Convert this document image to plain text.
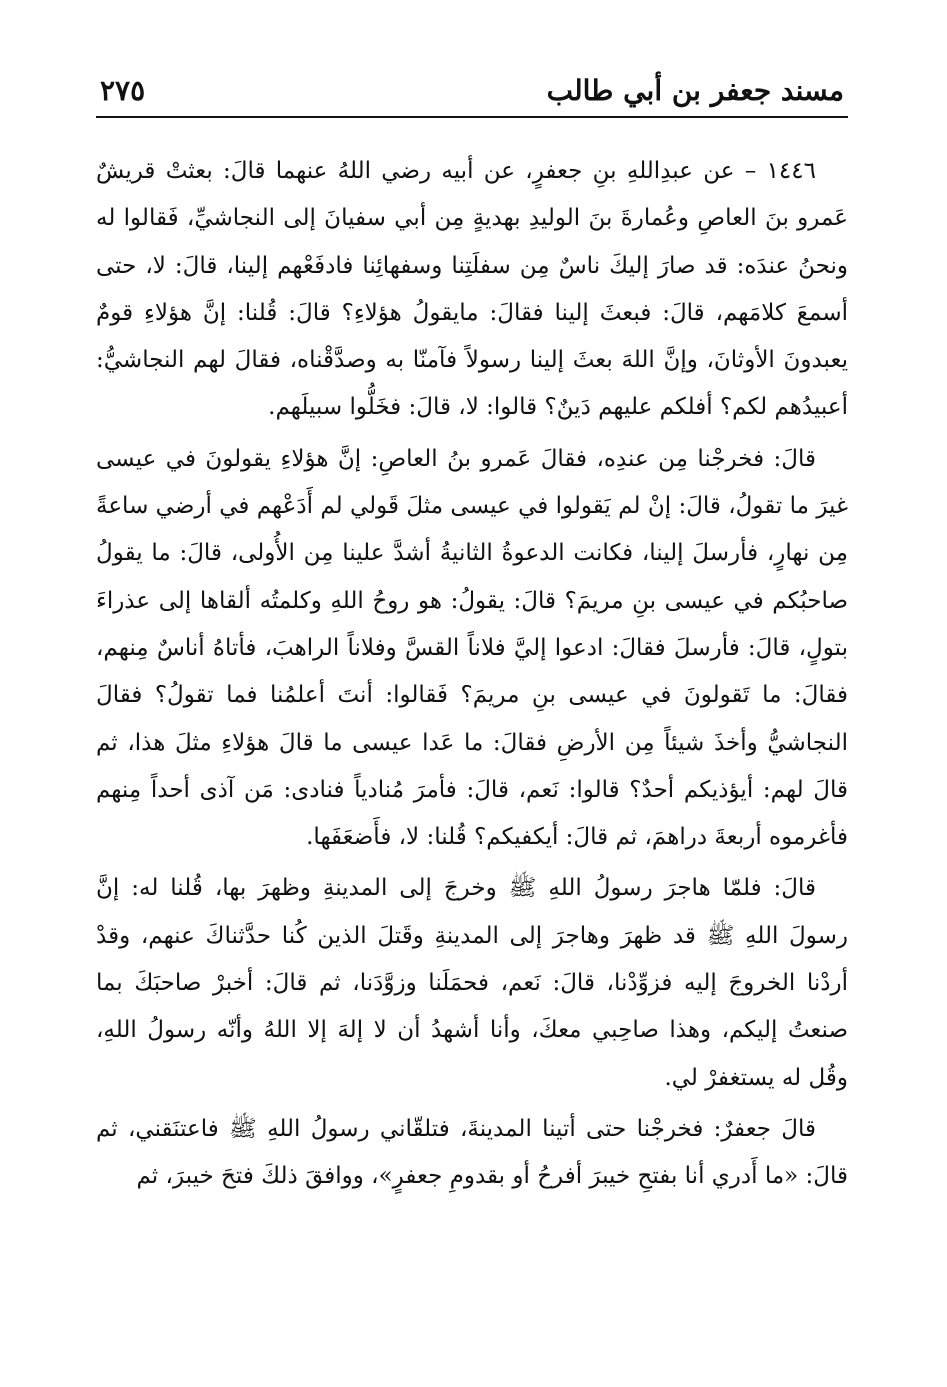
مسند جعفر بن أبي طالب
٢٧٥

١٤٤٦ – عن عبدِاللهِ بنِ جعفرٍ، عن أبيه رضي اللهُ عنهما قالَ: بعثتْ قريشٌ عَمرو بنَ العاصِ وعُمارةَ بنَ الوليدِ بهديةٍ مِن أبي سفيانَ إلى النجاشيِّ، فَقالوا له ونحنُ عندَه: قد صارَ إليكَ ناسٌ مِن سفلَتِنا وسفهائِنا فادفَعْهم إلينا، قالَ: لا، حتى أسمعَ كلامَهم، قالَ: فبعثَ إلينا فقالَ: مايقولُ هؤلاءِ؟ قالَ: قُلنا: إنَّ هؤلاءِ قومٌ يعبدونَ الأوثانَ، وإنَّ اللهَ بعثَ إلينا رسولاً فآمنّا به وصدَّقْناه، فقالَ لهم النجاشيُّ: أعبيدُهم لكم؟ أفلكم عليهم دَينٌ؟ قالوا: لا، قالَ: فخَلُّوا سبيلَهم.

قالَ: فخرجْنا مِن عندِه، فقالَ عَمرو بنُ العاصِ: إنَّ هؤلاءِ يقولونَ في عيسى غيرَ ما تقولُ، قالَ: إنْ لم يَقولوا في عيسى مثلَ قَولي لم أَدَعْهم في أرضي ساعةً مِن نهارٍ، فأرسلَ إلينا، فكانت الدعوةُ الثانيةُ أشدَّ علينا مِن الأُولى، قالَ: ما يقولُ صاحبُكم في عيسى بنِ مريمَ؟ قالَ: يقولُ: هو روحُ اللهِ وكلمتُه ألقاها إلى عذراءَ بتولٍ، قالَ: فأرسلَ فقالَ: ادعوا إليَّ فلاناً القسَّ وفلاناً الراهبَ، فأتاهُ أناسٌ مِنهم، فقالَ: ما تَقولونَ في عيسى بنِ مريمَ؟ فَقالوا: أنتَ أعلمُنا فما تقولُ؟ فقالَ النجاشيُّ وأخذَ شيئاً مِن الأرضِ فقالَ: ما عَدا عيسى ما قالَ هؤلاءِ مثلَ هذا، ثم قالَ لهم: أيؤذيكم أحدٌ؟ قالوا: نَعم، قالَ: فأمرَ مُنادياً فنادى: مَن آذى أحداً مِنهم فأغرموه أربعةَ دراهمَ، ثم قالَ: أيكفيكم؟ قُلنا: لا، فأَضعَفَها.

قالَ: فلمّا هاجرَ رسولُ اللهِ ﷺ وخرجَ إلى المدينةِ وظهرَ بها، قُلنا له: إنَّ رسولَ اللهِ ﷺ قد ظهرَ وهاجرَ إلى المدينةِ وقَتلَ الذين كُنا حدَّثناكَ عنهم، وقدْ أردْنا الخروجَ إليه فزوِّدْنا، قالَ: نَعم، فحمَلَنا وزوَّدَنا، ثم قالَ: أخبرْ صاحبَكَ بما صنعتُ إليكم، وهذا صاحِبي معكَ، وأنا أشهدُ أن لا إلهَ إلا اللهُ وأنّه رسولُ اللهِ، وقُل له يستغفرْ لي.

قالَ جعفرٌ: فخرجْنا حتى أتينا المدينةَ، فتلقّاني رسولُ اللهِ ﷺ فاعتنَقني، ثم قالَ: «ما أَدري أنا بفتحِ خيبرَ أفرحُ أو بقدومِ جعفرٍ»، ووافقَ ذلكَ فتحَ خيبرَ، ثم
